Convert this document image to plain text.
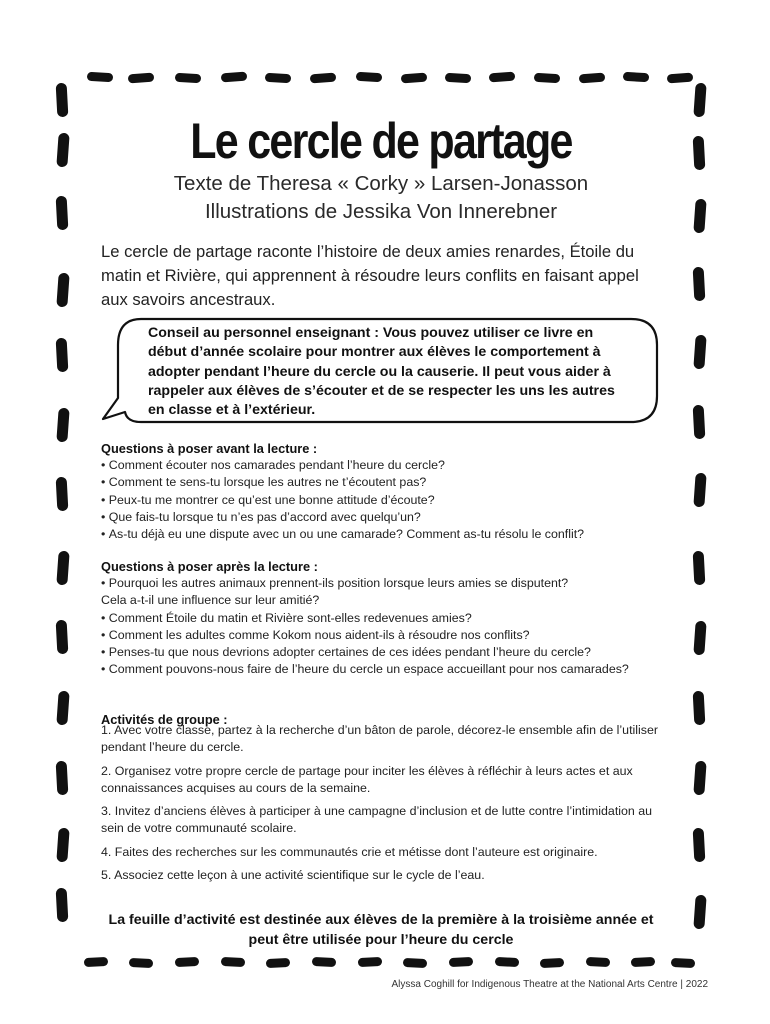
Le cercle de partage
Texte de Theresa « Corky » Larsen-Jonasson
Illustrations de Jessika Von Innerebner

Le cercle de partage raconte l’histoire de deux amies renardes, Étoile du matin et Rivière, qui apprennent à résoudre leurs conflits en faisant appel aux savoirs ancestraux.

Conseil au personnel enseignant : Vous pouvez utiliser ce livre en début d’année scolaire pour montrer aux élèves le comportement à adopter pendant l’heure du cercle ou la causerie. Il peut vous aider à rappeler aux élèves de s’écouter et de se respecter les uns les autres en classe et à l’extérieur.
Questions à poser avant la lecture :
• Comment écouter nos camarades pendant l’heure du cercle?
• Comment te sens-tu lorsque les autres ne t’écoutent pas?
• Peux-tu me montrer ce qu’est une bonne attitude d’écoute?
• Que fais-tu lorsque tu n’es pas d’accord avec quelqu’un?
• As-tu déjà eu une dispute avec un ou une camarade? Comment as-tu résolu le conflit?
Questions à poser après la lecture :
• Pourquoi les autres animaux prennent-ils position lorsque leurs amies se disputent?
Cela a-t-il une influence sur leur amitié?
• Comment Étoile du matin et Rivière sont-elles redevenues amies?
• Comment les adultes comme Kokom nous aident-ils à résoudre nos conflits?
• Penses-tu que nous devrions adopter certaines de ces idées pendant l’heure du cercle?
• Comment pouvons-nous faire de l’heure du cercle un espace accueillant pour nos camarades?
Activités de groupe :
1. Avec votre classe, partez à la recherche d’un bâton de parole, décorez-le ensemble afin de l’utiliser pendant l’heure du cercle.
2. Organisez votre propre cercle de partage pour inciter les élèves à réfléchir à leurs actes et aux connaissances acquises au cours de la semaine.
3. Invitez d’anciens élèves à participer à une campagne d’inclusion et de lutte contre l’intimidation au sein de votre communauté scolaire.
4. Faites des recherches sur les communautés crie et métisse dont l’auteure est originaire.
5. Associez cette leçon à une activité scientifique sur le cycle de l’eau.
La feuille d’activité est destinée aux élèves de la première à la troisième année et peut être utilisée pour l’heure du cercle
Alyssa Coghill for Indigenous Theatre at the National Arts Centre | 2022
